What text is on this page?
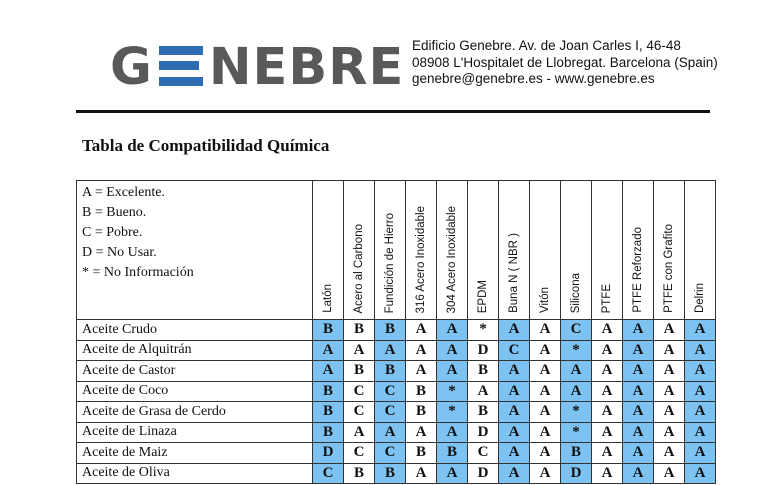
G NEBRE Edificio Genebre. Av. de Joan Carles I, 46-48
08908 L'Hospitalet de Llobregat. Barcelona (Spain)
genebre@genebre.es - www.genebre.es
Tabla de Compatibilidad Química
A = Excelente.
B = Bueno.
C = Pobre.
D = No Usar.
* = No Información	Latón	Acero al Carbono	Fundición de Hierro	316 Acero Inoxidable	304 Acero Inoxidable	EPDM	Buna N ( NBR )	Vitón	Silicona	PTFE	PTFE Reforzado	PTFE con Grafito	Delrin

Aceite Crudo	B	B	B	A	A	*	A	A	C	A	A	A	A
Aceite de Alquitrán	A	A	A	A	A	D	C	A	*	A	A	A	A
Aceite de Castor	A	B	B	A	A	B	A	A	A	A	A	A	A
Aceite de Coco	B	C	C	B	*	A	A	A	A	A	A	A	A
Aceite de Grasa de Cerdo	B	C	C	B	*	B	A	A	*	A	A	A	A
Aceite de Linaza	B	A	A	A	A	D	A	A	*	A	A	A	A
Aceite de Maiz	D	C	C	B	B	C	A	A	B	A	A	A	A
Aceite de Oliva	C	B	B	A	A	D	A	A	D	A	A	A	A
